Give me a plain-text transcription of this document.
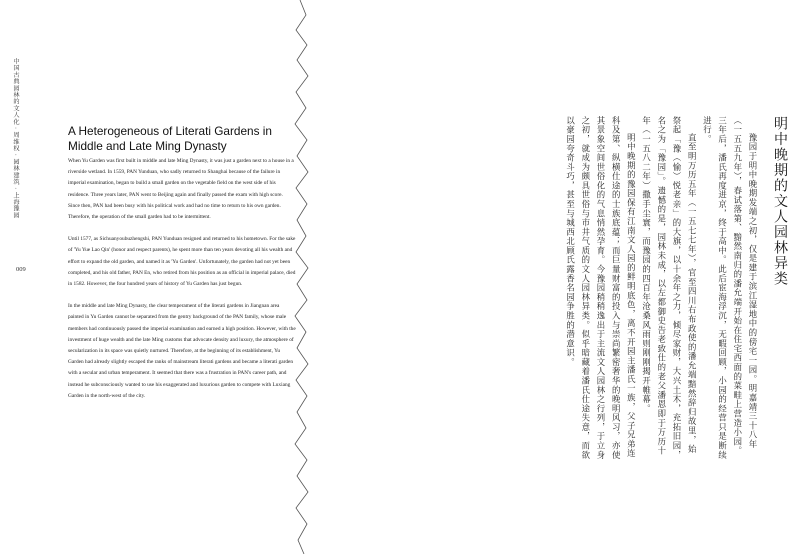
中国古典园林的文人化 · 周维权 · 园林建筑 · 上海豫园
009
A Heterogeneous of Literati Gardens in Middle and Late Ming Dynasty

When Yu Garden was first built in middle and late Ming Dynasty, it was just a garden next to a house in a riverside wetland. In 1559, PAN Yunduan, who sadly returned to Shanghai because of the failure in imperial examination, began to build a small garden on the vegetable field on the west side of his residence. Three years later, PAN went to Beijing again and finally passed the exam with high score. Since then, PAN had been busy with his political work and had no time to return to his own garden. Therefore, the operation of the small garden had to be intermittent.

Until 1577, as Sichuanyoubuzhengshi, PAN Yunduan resigned and returned to his hometown. For the sake of 'Yu Yue Lao Qin' (honor and respect parents), he spent more than ten years devoting all his wealth and effort to expand the old garden, and named it as 'Yu Garden'. Unfortunately, the garden had not yet been completed, and his old father, PAN En, who retired from his position as an official in imperial palace, died in 1582. However, the four hundred years of history of Yu Garden has just begun.

In the middle and late Ming Dynasty, the clear temperament of the literati gardens in Jiangnan area painted in Yu Garden cannot be separated from the gentry background of the PAN family, whose male members had continuously passed the imperial examination and earned a high position. However, with the investment of huge wealth and the late Ming customs that advocate density and luxury, the atmosphere of secularization in its space was quietly nurtured. Therefore, at the beginning of its establishment, Yu Garden had already slightly escaped the ranks of mainstream literati gardens and became a literati garden with a secular and urban temperament. It seemed that there was a frustration in PAN's career path, and instead he subconsciously wanted to use his exaggerated and luxurious garden to compete with Luxiang Garden in the north-west of the city.

明中晚期的文人园林异类

豫园于明中晚期发端之初，仅是建于滨江湿地中的傍宅一园。明嘉靖三十八年（一五五九年），春试落第、黯然南归的潘允端开始在住宅西面的菜畦上营造小园。三年后，潘氏再度进京，终于高中。此后宦海浮沉，无暇回顾，小园的经营只是断续进行。

直至明万历五年（一五七七年），官至四川右布政使的潘允端黯然辞归故里，始祭起「豫（愉）悦老亲」的大旗，以十余年之力，倾尽家财，大兴土木，充拓旧园，名之为「豫园」。遗憾的是，园林未成，以左都御史告老致仕的老父潘恩即于万历十年（一五八二年）撒手尘寰，而豫园的四百年沧桑风雨则刚刚揭开帷幕。

明中晚期的豫园保有江南文人园的鲜明底色，离不开园主潘氏一族，父子兄弟连科及第、纵横仕途的士族底蕴；而巨量财富的投入与崇尚繁密奢华的晚明风习，亦使其景象空间世俗化的气息悄然孕育。今豫园稍稍逸出于主流文人园林之行列，于立身之初，就成为颇具世俗与市井气质的文人园林异类。似乎暗藏着潘氏仕途失意，而欲以豪园夸奇斗巧，甚至与城西北顾氏露香名园争胜的潜意识。
